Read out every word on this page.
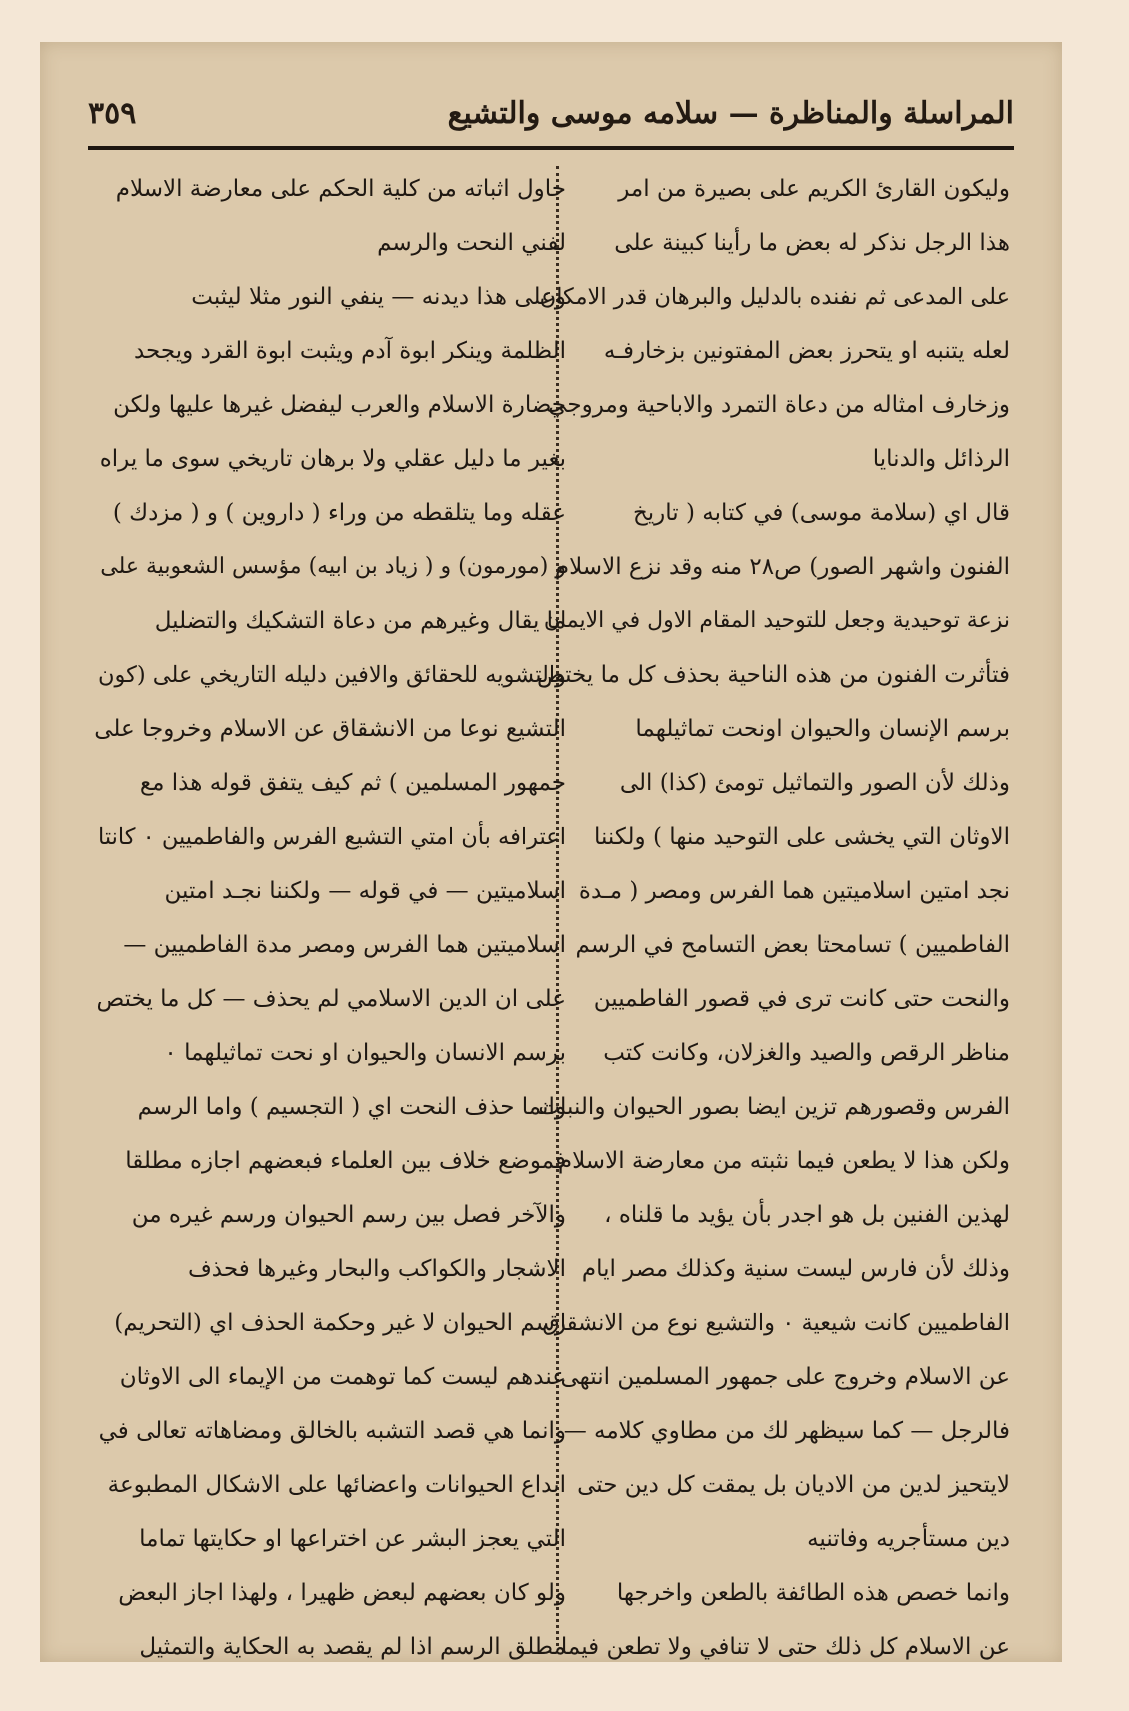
المراسلة والمناظرة — سلامه موسى والتشيع
٣٥٩
وليكون القارئ الكريم على بصيرة من امر
هذا الرجل نذكر له بعض ما رأينا كبينة على
على المدعى ثم نفنده بالدليل والبرهان قدر الامكان
لعله يتنبه او يتحرز بعض المفتونين بزخارفـه
وزخارف امثاله من دعاة التمرد والاباحية ومروجي
الرذائل والدنايا
قال اي (سلامة موسى) في كتابه ( تاريخ
الفنون واشهر الصور) ص٢٨ منه وقد نزع الاسلام
نزعة توحيدية وجعل للتوحيد المقام الاول في الايمان
فتأثرت الفنون من هذه الناحية بحذف كل ما يختص
برسم الإنسان والحيوان اونحت تماثيلهما
وذلك لأن الصور والتماثيل تومئ (كذا) الى
الاوثان التي يخشى على التوحيد منها ) ولكننا
نجد امتين اسلاميتين هما الفرس ومصر ( مـدة
الفاطميين ) تسامحتا بعض التسامح في الرسم
والنحت حتى كانت ترى في قصور الفاطميين
مناظر الرقص والصيد والغزلان، وكانت كتب
الفرس وقصورهم تزين ايضا بصور الحيوان والنبات
ولكن هذا لا يطعن فيما نثبته من معارضة الاسلام
لهذين الفنين بل هو اجدر بأن يؤيد ما قلناه ،
وذلك لأن فارس ليست سنية وكذلك مصر ايام
الفاطميين كانت شيعية ٠ والتشيع نوع من الانشقاق
عن الاسلام وخروج على جمهور المسلمين انتهى
فالرجل — كما سيظهر لك من مطاوي كلامه —
لايتحيز لدين من الاديان بل يمقت كل دين حتى
دين مستأجريه وفاتنيه
وانما خصص هذه الطائفة بالطعن واخرجها
عن الاسلام كل ذلك حتى لا تنافي ولا تطعن فيما
حاول اثباته من كلية الحكم على معارضة الاسلام
لفني النحت والرسم
وعلى هذا ديدنه — ينفي النور مثلا ليثبت
الظلمة وينكر ابوة آدم ويثبت ابوة القرد ويجحد
حضارة الاسلام والعرب ليفضل غيرها عليها ولكن
بغير ما دليل عقلي ولا برهان تاريخي سوى ما يراه
عقله وما يتلقطه من وراء ( داروين ) و ( مزدك )
و (مورمون) و ( زياد بن ابيه) مؤسس الشعوبية على
ما يقال وغيرهم من دعاة التشكيك والتضليل
والتشويه للحقائق والافين دليله التاريخي على (كون
التشيع نوعا من الانشقاق عن الاسلام وخروجا على
جمهور المسلمين ) ثم كيف يتفق قوله هذا مع
اعترافه بأن امتي التشيع الفرس والفاطميين ٠ كانتا
اسلاميتين — في قوله — ولكننا نجـد امتين
اسلاميتين هما الفرس ومصر مدة الفاطميين —
على ان الدين الاسلامي لم يحذف — كل ما يختص
برسم الانسان والحيوان او نحت تماثيلهما ٠
وانما حذف النحت اي ( التجسيم ) واما الرسم
فموضع خلاف بين العلماء فبعضهم اجازه مطلقا
والآخر فصل بين رسم الحيوان ورسم غيره من
الاشجار والكواكب والبحار وغيرها فحذف
رسم الحيوان لا غير وحكمة الحذف اي (التحريم)
عندهم ليست كما توهمت من الإيماء الى الاوثان
وانما هي قصد التشبه بالخالق ومضاهاته تعالى في
ابداع الحيوانات واعضائها على الاشكال المطبوعة
التي يعجز البشر عن اختراعها او حكايتها تماما
ولو كان بعضهم لبعض ظهيرا ، ولهذا اجاز البعض
مطلق الرسم اذا لم يقصد به الحكاية والتمثيل
